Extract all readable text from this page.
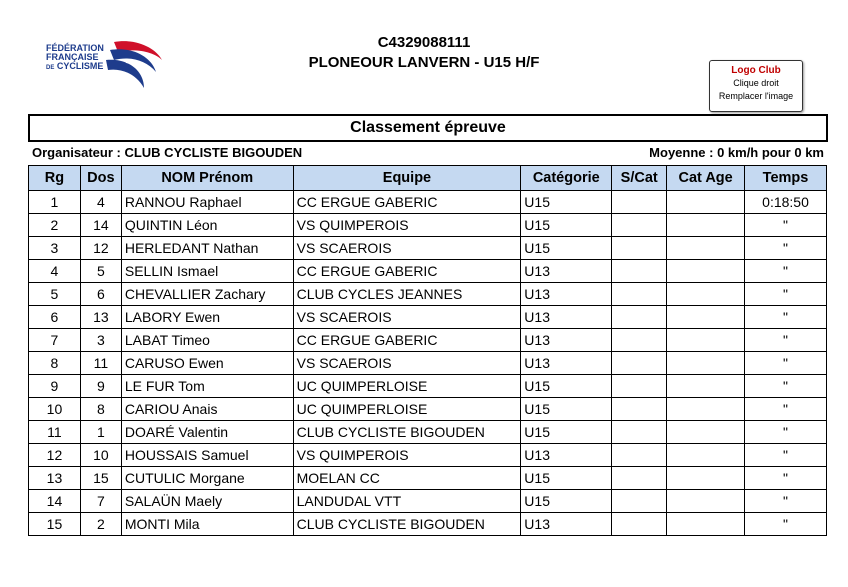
FÉDÉRATION
FRANÇAISE
DE CYCLISME
C4329088111
PLONEOUR LANVERN - U15 H/F	Logo Club
Clique droit
Remplacer l'image
Classement épreuve
Organisateur : CLUB CYCLISTE BIGOUDEN	Moyenne : 0 km/h pour 0 km
Rg	Dos	NOM Prénom	Equipe	Catégorie	S/Cat	Cat Age	Temps
1	4	RANNOU Raphael	CC ERGUE GABERIC	U15			0:18:50
2	14	QUINTIN Léon	VS QUIMPEROIS	U15			"
3	12	HERLEDANT Nathan	VS SCAEROIS	U15			"
4	5	SELLIN Ismael	CC ERGUE GABERIC	U13			"
5	6	CHEVALLIER Zachary	CLUB CYCLES JEANNES	U13			"
6	13	LABORY Ewen	VS SCAEROIS	U13			"
7	3	LABAT Timeo	CC ERGUE GABERIC	U13			"
8	11	CARUSO Ewen	VS SCAEROIS	U13			"
9	9	LE FUR Tom	UC QUIMPERLOISE	U15			"
10	8	CARIOU Anais	UC QUIMPERLOISE	U15			"
11	1	DOARÉ Valentin	CLUB CYCLISTE BIGOUDEN	U15			"
12	10	HOUSSAIS Samuel	VS QUIMPEROIS	U13			"
13	15	CUTULIC Morgane	MOELAN CC	U15			"
14	7	SALAÜN Maely	LANDUDAL VTT	U15			"
15	2	MONTI Mila	CLUB CYCLISTE BIGOUDEN	U13			"
